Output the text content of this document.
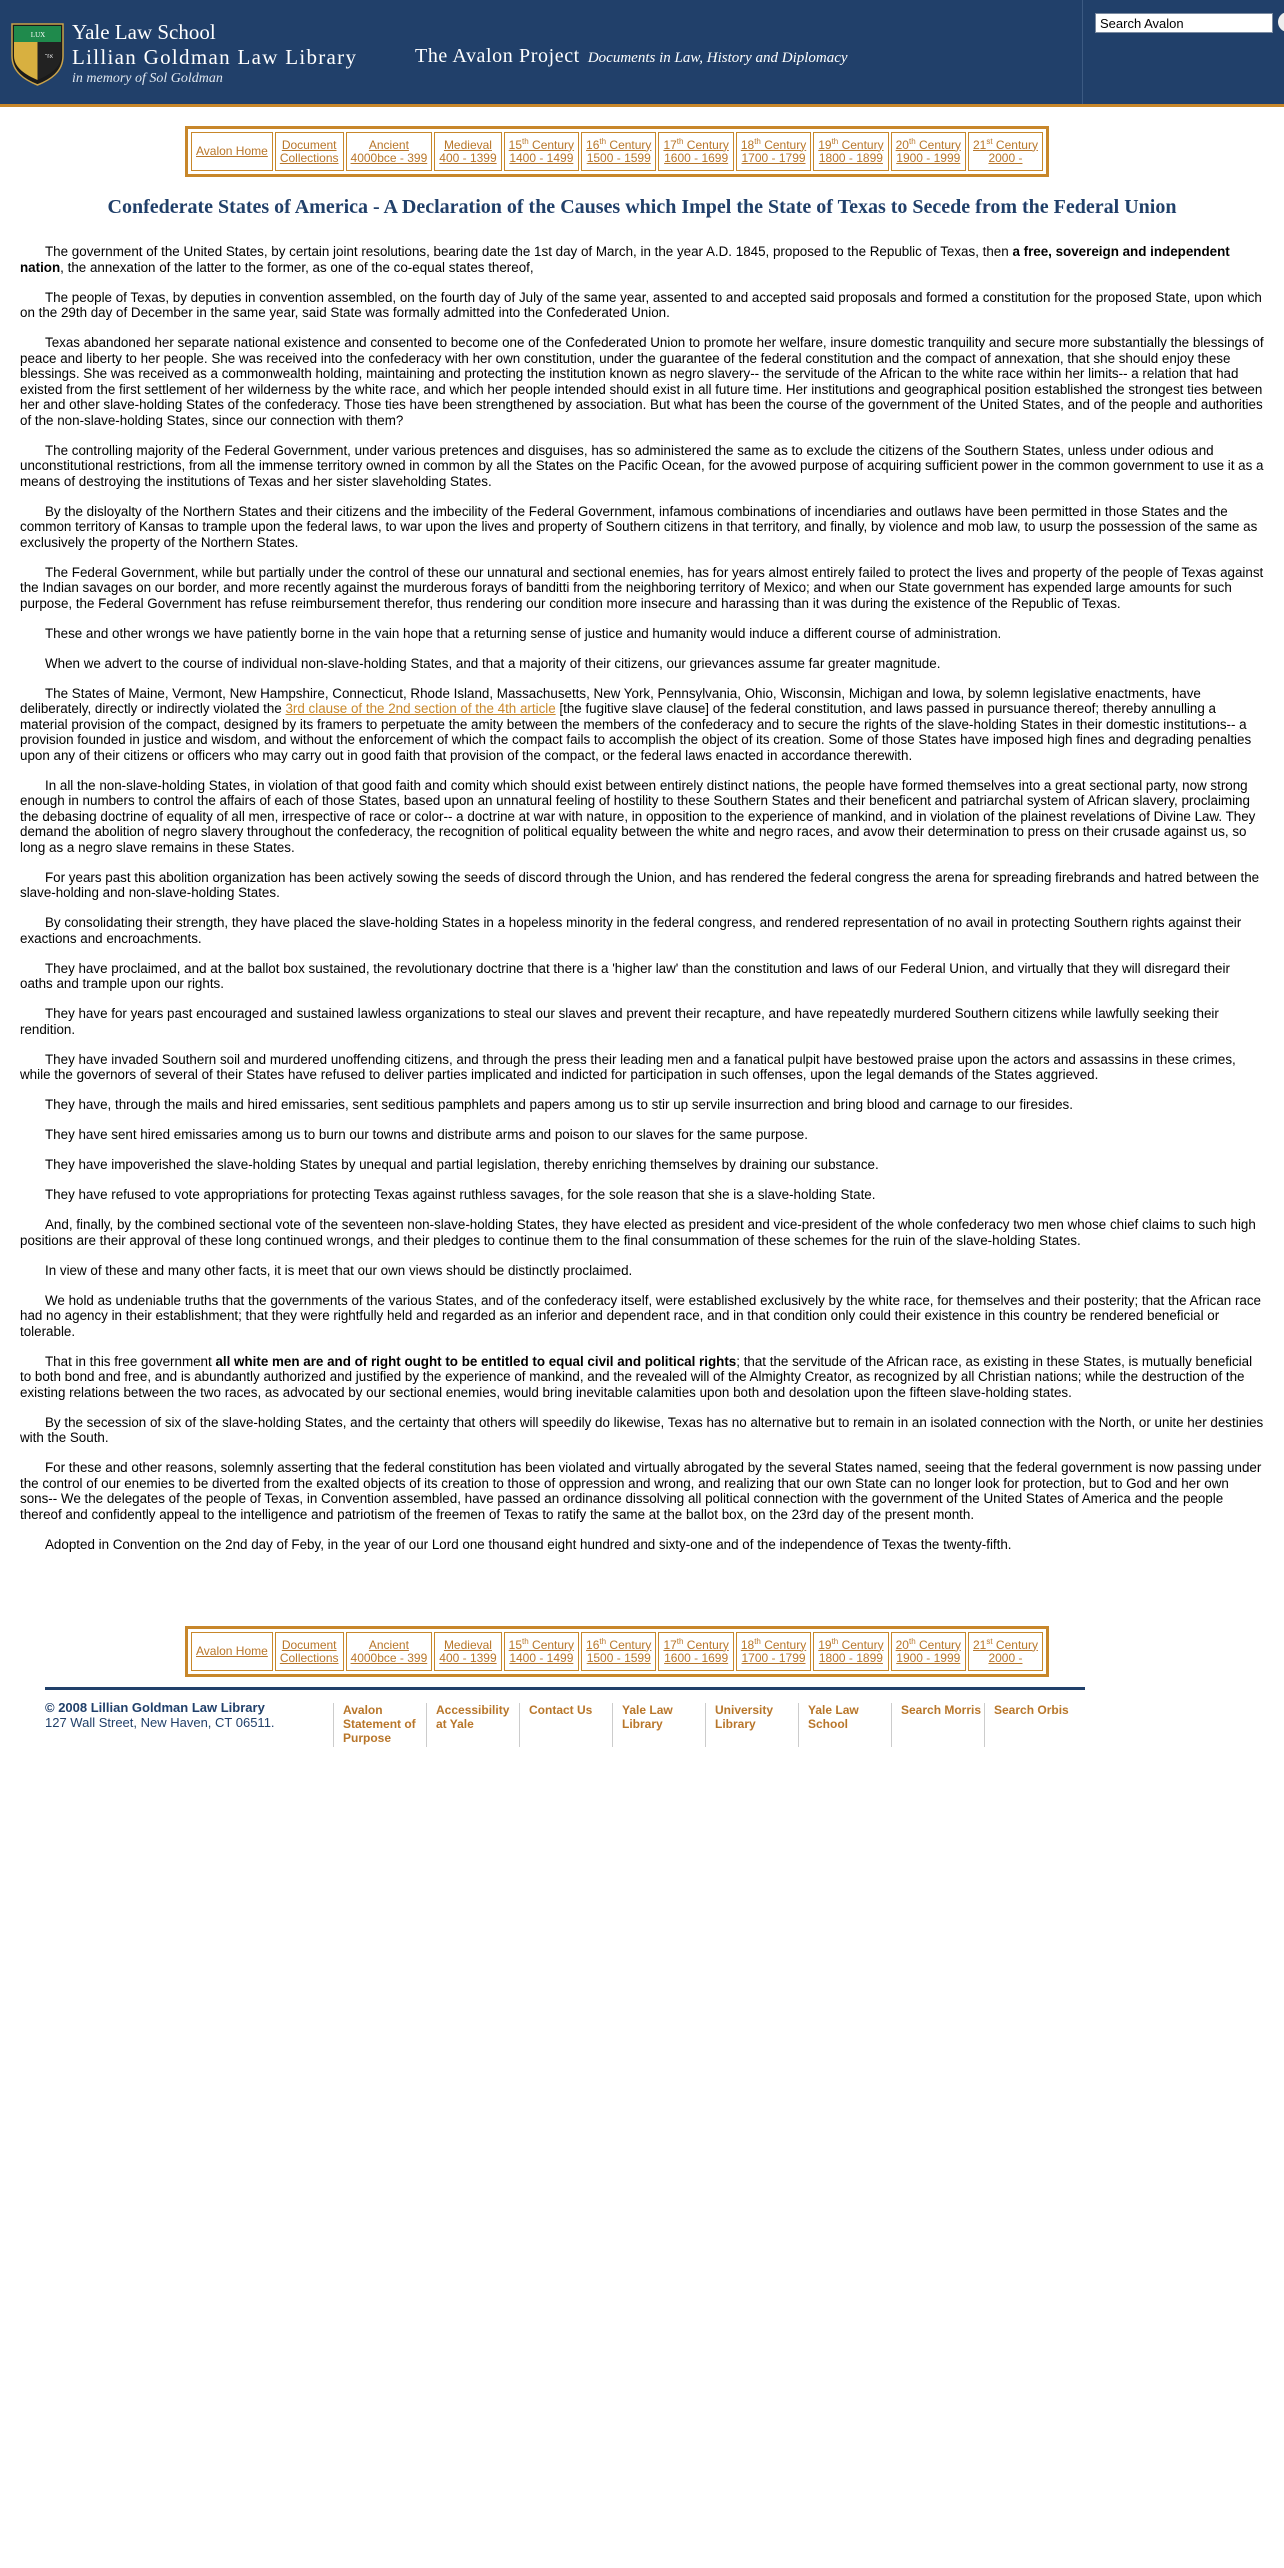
LUX
אור
Yale Law School
Lillian Goldman Law Library
in memory of Sol Goldman
The Avalon Project Documents in Law, History and Diplomacy
Search Avalon
Avalon Home	Document
Collections	Ancient
4000bce - 399	Medieval
400 - 1399	15th Century
1400 - 1499	16th Century
1500 - 1599	17th Century
1600 - 1699	18th Century
1700 - 1799	19th Century
1800 - 1899	20th Century
1900 - 1999	21st Century
2000 -
Confederate States of America - A Declaration of the Causes which Impel the State of Texas to Secede from the Federal Union

The government of the United States, by certain joint resolutions, bearing date the 1st day of March, in the year A.D. 1845, proposed to the Republic of Texas, then a free, sovereign and independent nation, the annexation of the latter to the former, as one of the co-equal states thereof,

The people of Texas, by deputies in convention assembled, on the fourth day of July of the same year, assented to and accepted said proposals and formed a constitution for the proposed State, upon which on the 29th day of December in the same year, said State was formally admitted into the Confederated Union.

Texas abandoned her separate national existence and consented to become one of the Confederated Union to promote her welfare, insure domestic tranquility and secure more substantially the blessings of peace and liberty to her people. She was received into the confederacy with her own constitution, under the guarantee of the federal constitution and the compact of annexation, that she should enjoy these blessings. She was received as a commonwealth holding, maintaining and protecting the institution known as negro slavery-- the servitude of the African to the white race within her limits-- a relation that had existed from the first settlement of her wilderness by the white race, and which her people intended should exist in all future time. Her institutions and geographical position established the strongest ties between her and other slave-holding States of the confederacy. Those ties have been strengthened by association. But what has been the course of the government of the United States, and of the people and authorities of the non-slave-holding States, since our connection with them?

The controlling majority of the Federal Government, under various pretences and disguises, has so administered the same as to exclude the citizens of the Southern States, unless under odious and unconstitutional restrictions, from all the immense territory owned in common by all the States on the Pacific Ocean, for the avowed purpose of acquiring sufficient power in the common government to use it as a means of destroying the institutions of Texas and her sister slaveholding States.

By the disloyalty of the Northern States and their citizens and the imbecility of the Federal Government, infamous combinations of incendiaries and outlaws have been permitted in those States and the common territory of Kansas to trample upon the federal laws, to war upon the lives and property of Southern citizens in that territory, and finally, by violence and mob law, to usurp the possession of the same as exclusively the property of the Northern States.

The Federal Government, while but partially under the control of these our unnatural and sectional enemies, has for years almost entirely failed to protect the lives and property of the people of Texas against the Indian savages on our border, and more recently against the murderous forays of banditti from the neighboring territory of Mexico; and when our State government has expended large amounts for such purpose, the Federal Government has refuse reimbursement therefor, thus rendering our condition more insecure and harassing than it was during the existence of the Republic of Texas.

These and other wrongs we have patiently borne in the vain hope that a returning sense of justice and humanity would induce a different course of administration.

When we advert to the course of individual non-slave-holding States, and that a majority of their citizens, our grievances assume far greater magnitude.

The States of Maine, Vermont, New Hampshire, Connecticut, Rhode Island, Massachusetts, New York, Pennsylvania, Ohio, Wisconsin, Michigan and Iowa, by solemn legislative enactments, have deliberately, directly or indirectly violated the 3rd clause of the 2nd section of the 4th article [the fugitive slave clause] of the federal constitution, and laws passed in pursuance thereof; thereby annulling a material provision of the compact, designed by its framers to perpetuate the amity between the members of the confederacy and to secure the rights of the slave-holding States in their domestic institutions-- a provision founded in justice and wisdom, and without the enforcement of which the compact fails to accomplish the object of its creation. Some of those States have imposed high fines and degrading penalties upon any of their citizens or officers who may carry out in good faith that provision of the compact, or the federal laws enacted in accordance therewith.

In all the non-slave-holding States, in violation of that good faith and comity which should exist between entirely distinct nations, the people have formed themselves into a great sectional party, now strong enough in numbers to control the affairs of each of those States, based upon an unnatural feeling of hostility to these Southern States and their beneficent and patriarchal system of African slavery, proclaiming the debasing doctrine of equality of all men, irrespective of race or color-- a doctrine at war with nature, in opposition to the experience of mankind, and in violation of the plainest revelations of Divine Law. They demand the abolition of negro slavery throughout the confederacy, the recognition of political equality between the white and negro races, and avow their determination to press on their crusade against us, so long as a negro slave remains in these States.

For years past this abolition organization has been actively sowing the seeds of discord through the Union, and has rendered the federal congress the arena for spreading firebrands and hatred between the slave-holding and non-slave-holding States.

By consolidating their strength, they have placed the slave-holding States in a hopeless minority in the federal congress, and rendered representation of no avail in protecting Southern rights against their exactions and encroachments.

They have proclaimed, and at the ballot box sustained, the revolutionary doctrine that there is a 'higher law' than the constitution and laws of our Federal Union, and virtually that they will disregard their oaths and trample upon our rights.

They have for years past encouraged and sustained lawless organizations to steal our slaves and prevent their recapture, and have repeatedly murdered Southern citizens while lawfully seeking their rendition.

They have invaded Southern soil and murdered unoffending citizens, and through the press their leading men and a fanatical pulpit have bestowed praise upon the actors and assassins in these crimes, while the governors of several of their States have refused to deliver parties implicated and indicted for participation in such offenses, upon the legal demands of the States aggrieved.

They have, through the mails and hired emissaries, sent seditious pamphlets and papers among us to stir up servile insurrection and bring blood and carnage to our firesides.

They have sent hired emissaries among us to burn our towns and distribute arms and poison to our slaves for the same purpose.

They have impoverished the slave-holding States by unequal and partial legislation, thereby enriching themselves by draining our substance.

They have refused to vote appropriations for protecting Texas against ruthless savages, for the sole reason that she is a slave-holding State.

And, finally, by the combined sectional vote of the seventeen non-slave-holding States, they have elected as president and vice-president of the whole confederacy two men whose chief claims to such high positions are their approval of these long continued wrongs, and their pledges to continue them to the final consummation of these schemes for the ruin of the slave-holding States.

In view of these and many other facts, it is meet that our own views should be distinctly proclaimed.

We hold as undeniable truths that the governments of the various States, and of the confederacy itself, were established exclusively by the white race, for themselves and their posterity; that the African race had no agency in their establishment; that they were rightfully held and regarded as an inferior and dependent race, and in that condition only could their existence in this country be rendered beneficial or tolerable.

That in this free government all white men are and of right ought to be entitled to equal civil and political rights; that the servitude of the African race, as existing in these States, is mutually beneficial to both bond and free, and is abundantly authorized and justified by the experience of mankind, and the revealed will of the Almighty Creator, as recognized by all Christian nations; while the destruction of the existing relations between the two races, as advocated by our sectional enemies, would bring inevitable calamities upon both and desolation upon the fifteen slave-holding states.

By the secession of six of the slave-holding States, and the certainty that others will speedily do likewise, Texas has no alternative but to remain in an isolated connection with the North, or unite her destinies with the South.

For these and other reasons, solemnly asserting that the federal constitution has been violated and virtually abrogated by the several States named, seeing that the federal government is now passing under the control of our enemies to be diverted from the exalted objects of its creation to those of oppression and wrong, and realizing that our own State can no longer look for protection, but to God and her own sons-- We the delegates of the people of Texas, in Convention assembled, have passed an ordinance dissolving all political connection with the government of the United States of America and the people thereof and confidently appeal to the intelligence and patriotism of the freemen of Texas to ratify the same at the ballot box, on the 23rd day of the present month.

Adopted in Convention on the 2nd day of Feby, in the year of our Lord one thousand eight hundred and sixty-one and of the independence of Texas the twenty-fifth.

Avalon Home	Document
Collections	Ancient
4000bce - 399	Medieval
400 - 1399	15th Century
1400 - 1499	16th Century
1500 - 1599	17th Century
1600 - 1699	18th Century
1700 - 1799	19th Century
1800 - 1899	20th Century
1900 - 1999	21st Century
2000 -
© 2008 Lillian Goldman Law Library
127 Wall Street, New Haven, CT 06511.
Avalon Statement of Purpose
Accessibility at Yale
Contact Us	Yale Law Library
University Library
Yale Law School
Search Morris	Search Orbis
